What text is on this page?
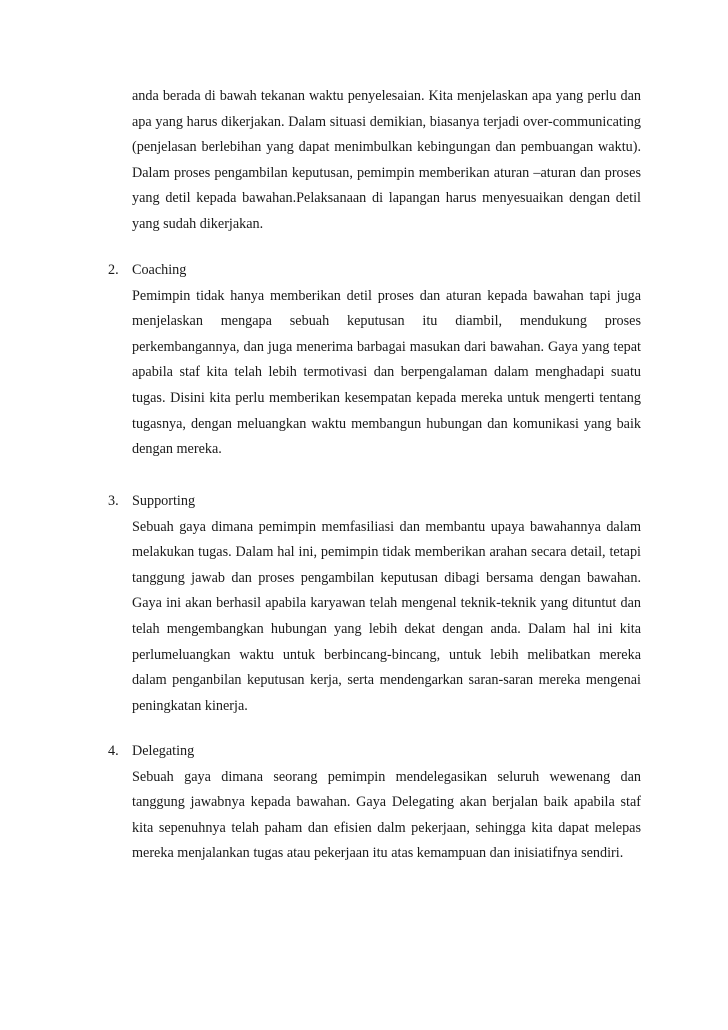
anda berada di bawah tekanan waktu penyelesaian. Kita menjelaskan apa yang perlu dan apa yang harus dikerjakan. Dalam situasi demikian, biasanya terjadi over-communicating (penjelasan berlebihan yang dapat menimbulkan kebingungan dan pembuangan waktu). Dalam proses pengambilan keputusan, pemimpin memberikan aturan –aturan dan proses yang detil kepada bawahan.Pelaksanaan di lapangan harus menyesuaikan dengan detil yang sudah dikerjakan.

2. Coaching

Pemimpin tidak hanya memberikan detil proses dan aturan kepada bawahan tapi juga menjelaskan mengapa sebuah keputusan itu diambil, mendukung proses perkembangannya, dan juga menerima barbagai masukan dari bawahan. Gaya yang tepat apabila staf kita telah lebih termotivasi dan berpengalaman dalam menghadapi suatu tugas. Disini kita perlu memberikan kesempatan kepada mereka untuk mengerti tentang tugasnya, dengan meluangkan waktu membangun hubungan dan komunikasi yang baik dengan mereka.

3. Supporting

Sebuah gaya dimana pemimpin memfasiliasi dan membantu upaya bawahannya dalam melakukan tugas. Dalam hal ini, pemimpin tidak memberikan arahan secara detail, tetapi tanggung jawab dan proses pengambilan keputusan dibagi bersama dengan bawahan. Gaya ini akan berhasil apabila karyawan telah mengenal teknik-teknik yang dituntut dan telah mengembangkan hubungan yang lebih dekat dengan anda. Dalam hal ini kita perlumeluangkan waktu untuk berbincang-bincang, untuk lebih melibatkan mereka dalam penganbilan keputusan kerja, serta mendengarkan saran-saran mereka mengenai peningkatan kinerja.

4. Delegating

Sebuah gaya dimana seorang pemimpin mendelegasikan seluruh wewenang dan tanggung jawabnya kepada bawahan. Gaya Delegating akan berjalan baik apabila staf kita sepenuhnya telah paham dan efisien dalm pekerjaan, sehingga kita dapat melepas mereka menjalankan tugas atau pekerjaan itu atas kemampuan dan inisiatifnya sendiri.
